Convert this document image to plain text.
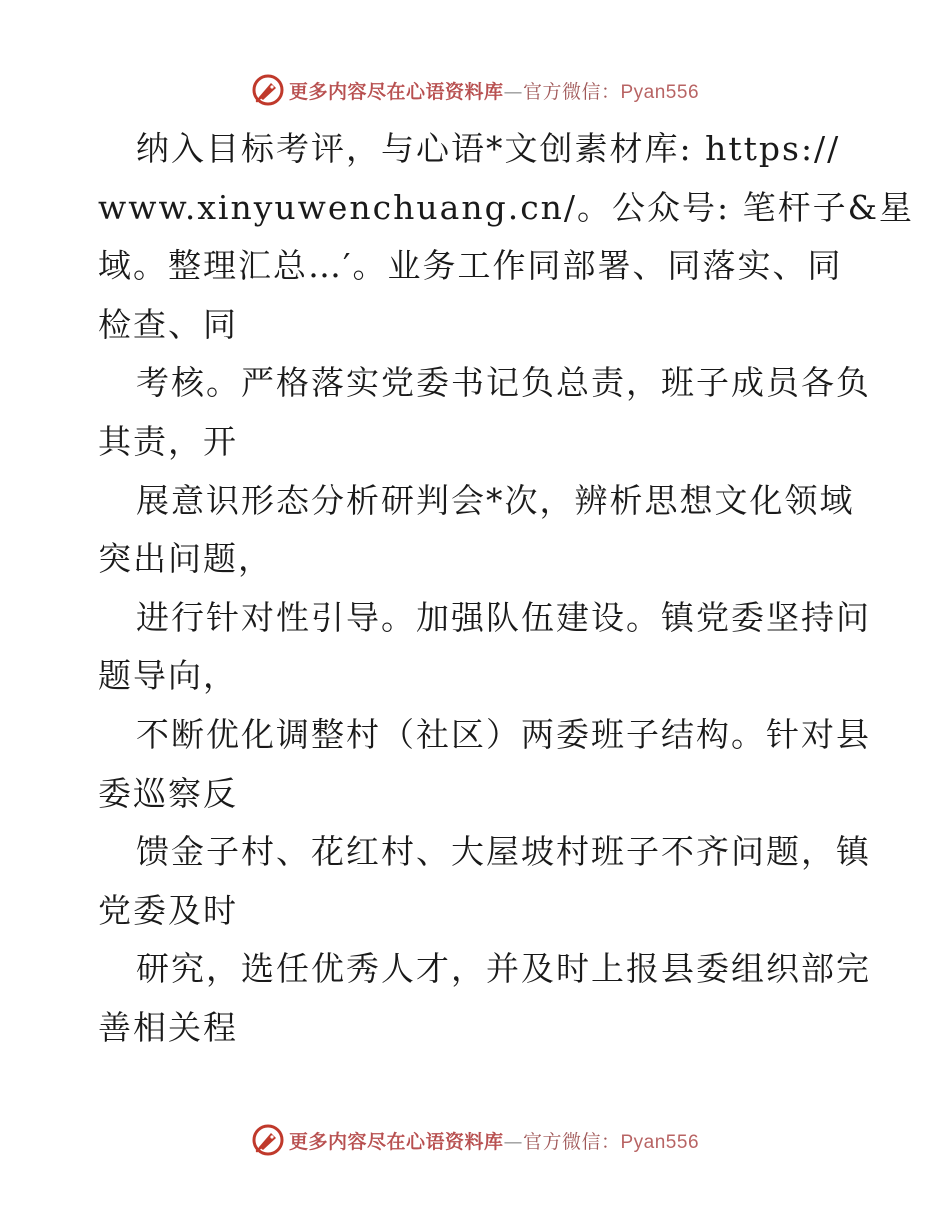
更多内容尽在心语资料库—官方微信：Pyan556
纳入目标考评，与心语*文创素材库: https://
www.xinyuwenchuang.cn/。公众号: 笔杆子&星
域。整理汇总…′。业务工作同部署、同落实、同
检查、同
考核。严格落实党委书记负总责，班子成员各负
其责，开
展意识形态分析研判会*次，辨析思想文化领域
突出问题，
进行针对性引导。加强队伍建设。镇党委坚持问
题导向，
不断优化调整村（社区）两委班子结构。针对县
委巡察反
馈金子村、花红村、大屋坡村班子不齐问题，镇
党委及时
研究，选任优秀人才，并及时上报县委组织部完
善相关程
更多内容尽在心语资料库—官方微信：Pyan556
